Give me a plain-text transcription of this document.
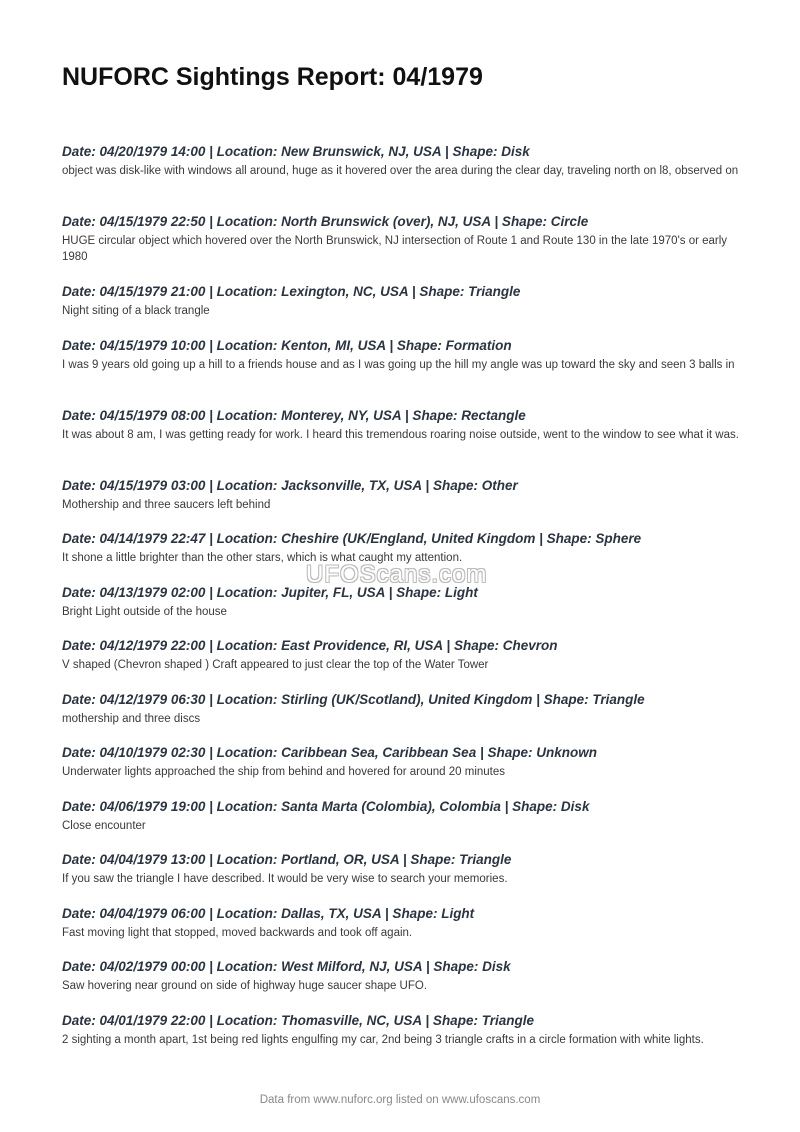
NUFORC Sightings Report: 04/1979

Date: 04/20/1979 14:00 | Location: New Brunswick, NJ, USA | Shape: Disk

object was disk-like with windows all around, huge as it hovered over the area during the clear day, traveling north on l8, observed on

Date: 04/15/1979 22:50 | Location: North Brunswick (over), NJ, USA | Shape: Circle

HUGE circular object which hovered over the North Brunswick, NJ intersection of Route 1 and Route 130 in the late 1970's or early 1980

Date: 04/15/1979 21:00 | Location: Lexington, NC, USA | Shape: Triangle

Night siting of a black trangle

Date: 04/15/1979 10:00 | Location: Kenton, MI, USA | Shape: Formation

I was 9 years old going up a hill to a friends house and as I was going up the hill my angle was up toward the sky and seen 3 balls in

Date: 04/15/1979 08:00 | Location: Monterey, NY, USA | Shape: Rectangle

It was about 8 am, I was getting ready for work. I heard this tremendous roaring noise outside, went to the window to see what it was.

Date: 04/15/1979 03:00 | Location: Jacksonville, TX, USA | Shape: Other

Mothership and three saucers left behind

Date: 04/14/1979 22:47 | Location: Cheshire (UK/England, United Kingdom | Shape: Sphere

It shone a little brighter than the other stars, which is what caught my attention.

Date: 04/13/1979 02:00 | Location: Jupiter, FL, USA | Shape: Light

Bright Light outside of the house

Date: 04/12/1979 22:00 | Location: East Providence, RI, USA | Shape: Chevron

V shaped (Chevron shaped ) Craft appeared to just clear the top of the Water Tower

Date: 04/12/1979 06:30 | Location: Stirling (UK/Scotland), United Kingdom | Shape: Triangle

mothership and three discs

Date: 04/10/1979 02:30 | Location: Caribbean Sea, Caribbean Sea | Shape: Unknown

Underwater lights approached the ship from behind and hovered for around 20 minutes

Date: 04/06/1979 19:00 | Location: Santa Marta (Colombia), Colombia | Shape: Disk

Close encounter

Date: 04/04/1979 13:00 | Location: Portland, OR, USA | Shape: Triangle

If you saw the triangle I have described. It would be very wise to search your memories.

Date: 04/04/1979 06:00 | Location: Dallas, TX, USA | Shape: Light

Fast moving light that stopped, moved backwards and took off again.

Date: 04/02/1979 00:00 | Location: West Milford, NJ, USA | Shape: Disk

Saw hovering near ground on side of highway huge saucer shape UFO.

Date: 04/01/1979 22:00 | Location: Thomasville, NC, USA | Shape: Triangle

2 sighting a month apart, 1st being red lights engulfing my car, 2nd being 3 triangle crafts in a circle formation with white lights.

UFOScans.com
Data from www.nuforc.org listed on www.ufoscans.com
